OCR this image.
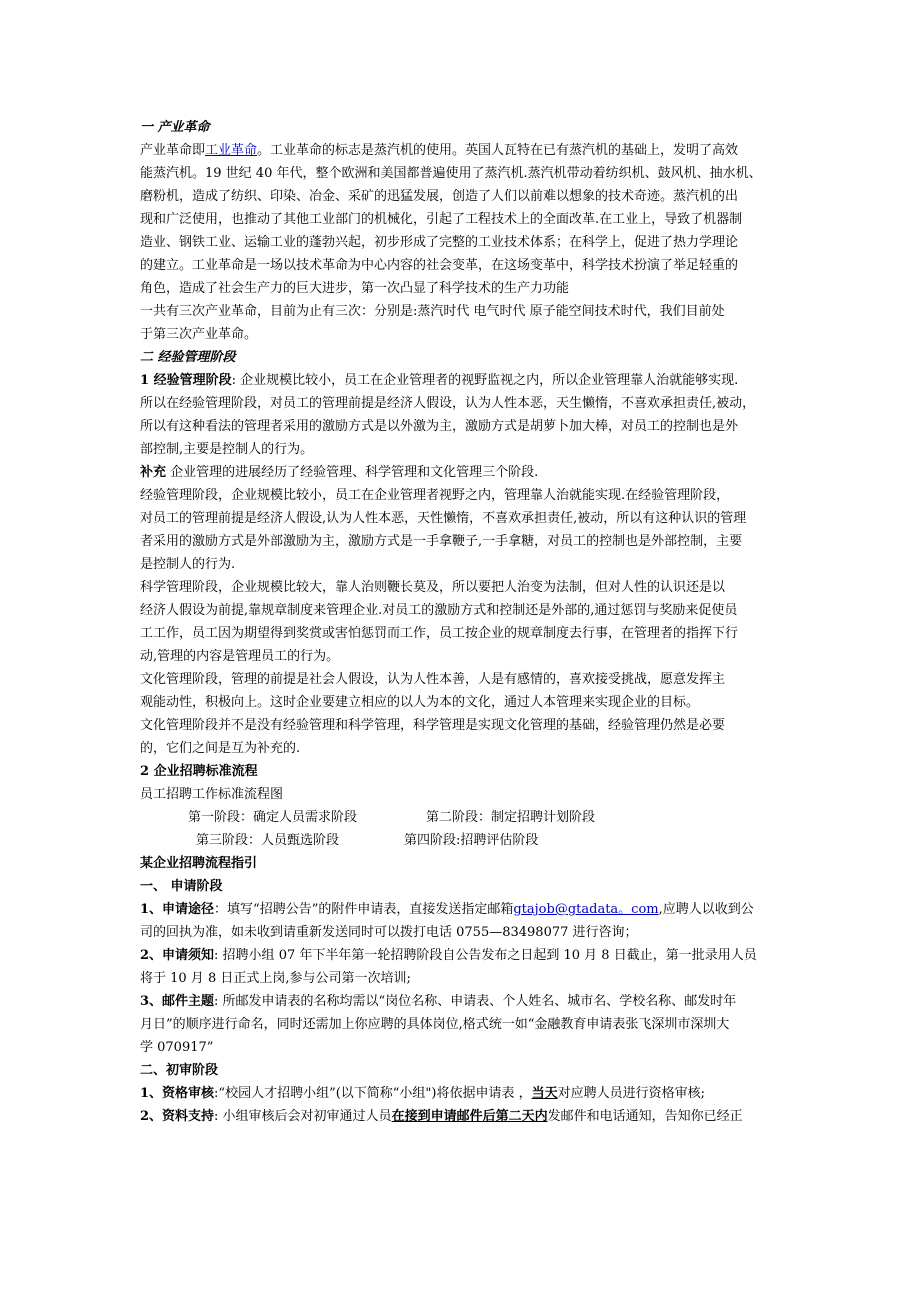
一 产业革命
产业革命即工业革命。工业革命的标志是蒸汽机的使用。英国人瓦特在已有蒸汽机的基础上，发明了高效
能蒸汽机。19 世纪 40 年代，整个欧洲和美国都普遍使用了蒸汽机.蒸汽机带动着纺织机、鼓风机、抽水机、
磨粉机，造成了纺织、印染、冶金、采矿的迅猛发展，创造了人们以前难以想象的技术奇迹。蒸汽机的出
现和广泛使用，也推动了其他工业部门的机械化，引起了工程技术上的全面改革.在工业上，导致了机器制
造业、钢铁工业、运输工业的蓬勃兴起，初步形成了完整的工业技术体系；在科学上，促进了热力学理论
的建立。工业革命是一场以技术革命为中心内容的社会变革，在这场变革中，科学技术扮演了举足轻重的
角色，造成了社会生产力的巨大进步，第一次凸显了科学技术的生产力功能
一共有三次产业革命，目前为止有三次：分别是:蒸汽时代 电气时代 原子能空间技术时代，我们目前处
于第三次产业革命。
二 经验管理阶段
1 经验管理阶段: 企业规模比较小，员工在企业管理者的视野监视之内，所以企业管理靠人治就能够实现.
所以在经验管理阶段，对员工的管理前提是经济人假设，认为人性本恶，天生懒惰，不喜欢承担责任,被动，
所以有这种看法的管理者采用的激励方式是以外激为主，激励方式是胡萝卜加大棒，对员工的控制也是外
部控制,主要是控制人的行为。
补充 企业管理的进展经历了经验管理、科学管理和文化管理三个阶段.
经验管理阶段，企业规模比较小，员工在企业管理者视野之内，管理靠人治就能实现.在经验管理阶段，
对员工的管理前提是经济人假设,认为人性本恶，天性懒惰，不喜欢承担责任,被动，所以有这种认识的管理
者采用的激励方式是外部激励为主，激励方式是一手拿鞭子,一手拿糖，对员工的控制也是外部控制，主要
是控制人的行为.
科学管理阶段，企业规模比较大，靠人治则鞭长莫及，所以要把人治变为法制，但对人性的认识还是以
经济人假设为前提,靠规章制度来管理企业.对员工的激励方式和控制还是外部的,通过惩罚与奖励来促使员
工工作，员工因为期望得到奖赏或害怕惩罚而工作，员工按企业的规章制度去行事，在管理者的指挥下行
动,管理的内容是管理员工的行为。
文化管理阶段，管理的前提是社会人假设，认为人性本善，人是有感情的，喜欢接受挑战，愿意发挥主
观能动性，积极向上。这时企业要建立相应的以人为本的文化，通过人本管理来实现企业的目标。
文化管理阶段并不是没有经验管理和科学管理，科学管理是实现文化管理的基础，经验管理仍然是必要
的，它们之间是互为补充的.
2 企业招聘标准流程
员工招聘工作标准流程图
第一阶段：确定人员需求阶段	第二阶段：制定招聘计划阶段
第三阶段：人员甄选阶段	第四阶段:招聘评估阶段
某企业招聘流程指引
一、 申请阶段
1、申请途径：填写“招聘公告”的附件申请表，直接发送指定邮箱gtajob@gtadata。com,应聘人以收到公
司的回执为准，如未收到请重新发送同时可以拨打电话 0755—83498077 进行咨询；
2、申请须知: 招聘小组 07 年下半年第一轮招聘阶段自公告发布之日起到 10 月 8 日截止，第一批录用人员
将于 10 月 8 日正式上岗,参与公司第一次培训;
3、邮件主题: 所邮发申请表的名称均需以“岗位名称、申请表、个人姓名、城市名、学校名称、邮发时年
月日”的顺序进行命名，同时还需加上你应聘的具体岗位,格式统一如“金融教育申请表张飞深圳市深圳大
学 070917”
二、初审阶段
1、资格审核:“校园人才招聘小组”(以下简称“小组")将依据申请表 ，当天对应聘人员进行资格审核;
2、资料支持: 小组审核后会对初审通过人员在接到申请邮件后第二天内发邮件和电话通知，告知你已经正
